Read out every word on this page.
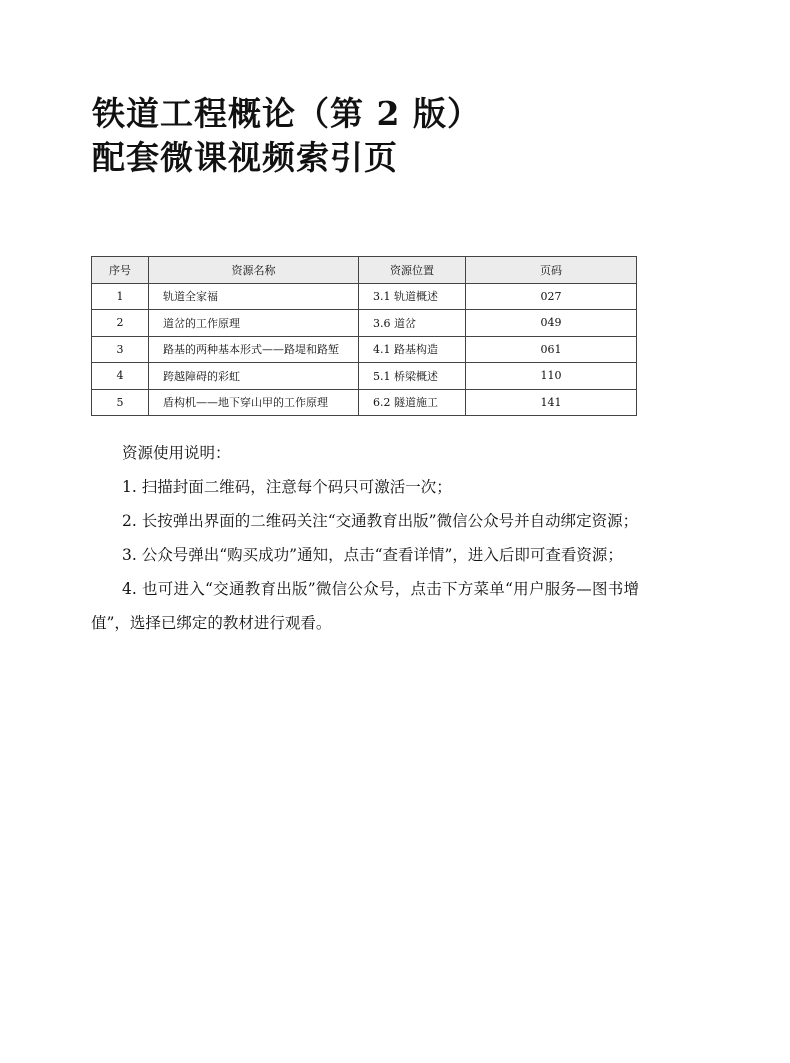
铁道工程概论（第 2 版）
配套微课视频索引页
序号	资源名称	资源位置	页码
1	轨道全家福	3.1 轨道概述	027
2	道岔的工作原理	3.6 道岔	049
3	路基的两种基本形式——路堤和路堑	4.1 路基构造	061
4	跨越障碍的彩虹	5.1 桥梁概述	110
5	盾构机——地下穿山甲的工作原理	6.2 隧道施工	141

资源使用说明：

1. 扫描封面二维码，注意每个码只可激活一次；

2. 长按弹出界面的二维码关注“交通教育出版”微信公众号并自动绑定资源；

3. 公众号弹出“购买成功”通知，点击“查看详情”，进入后即可查看资源；

4. 也可进入“交通教育出版”微信公众号，点击下方菜单“用户服务—图书增值”，选择已绑定的教材进行观看。
